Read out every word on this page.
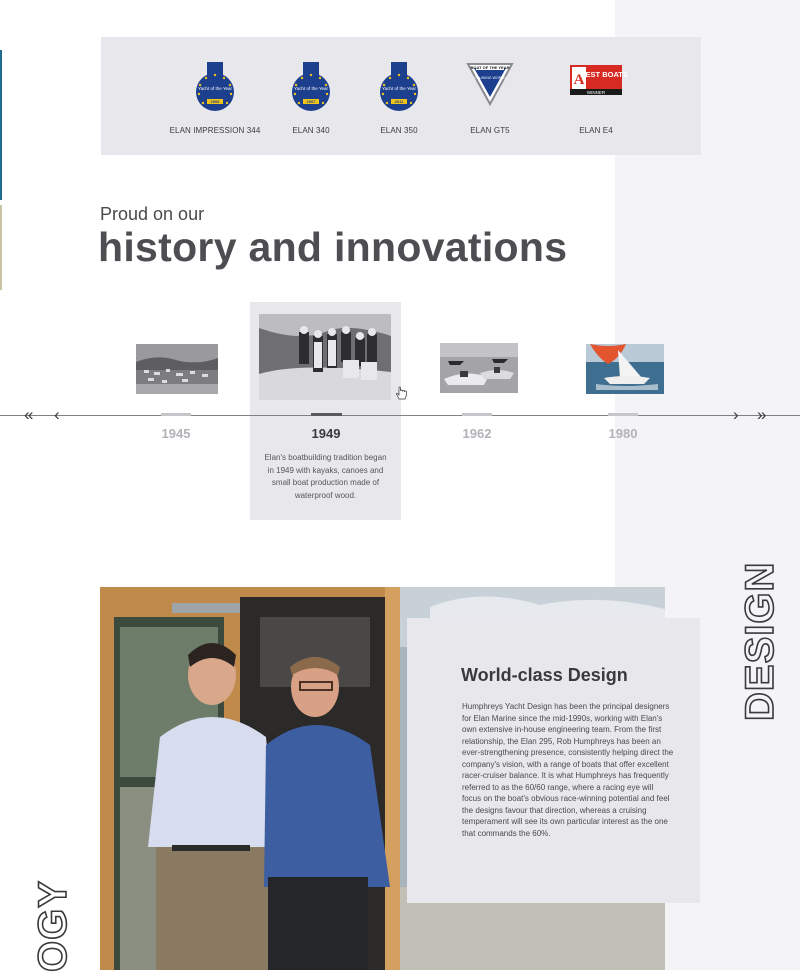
Yacht of the Year
2006
ELAN IMPRESSION 344
Yacht of the Year
2007
ELAN 340
Yacht of the Year
2011
ELAN 350
BOAT OF THE YEAR
CRUISING WORLD
ELAN GT5
A
BEST BOATS
WINNER
ELAN E4
Proud on our
history and innovations
« ‹	› »
1945	1949

Elan's boatbuilding tradition began in 1949 with kayaks, canoes and small boat production made of waterproof wood.

1962	1980
World-class Design

Humphreys Yacht Design has been the principal designers for Elan Marine since the mid-1990s, working with Elan's own extensive in-house engineering team. From the first relationship, the Elan 295, Rob Humphreys has been an ever-strengthening presence, consistently helping direct the company's vision, with a range of boats that offer excellent racer-cruiser balance. It is what Humphreys has frequently referred to as the 60/60 range, where a racing eye will focus on the boat's obvious race-winning potential and feel the designs favour that direction, whereas a cruising temperament will see its own particular interest as the one that commands the 60%.

DESIGN
OGY
